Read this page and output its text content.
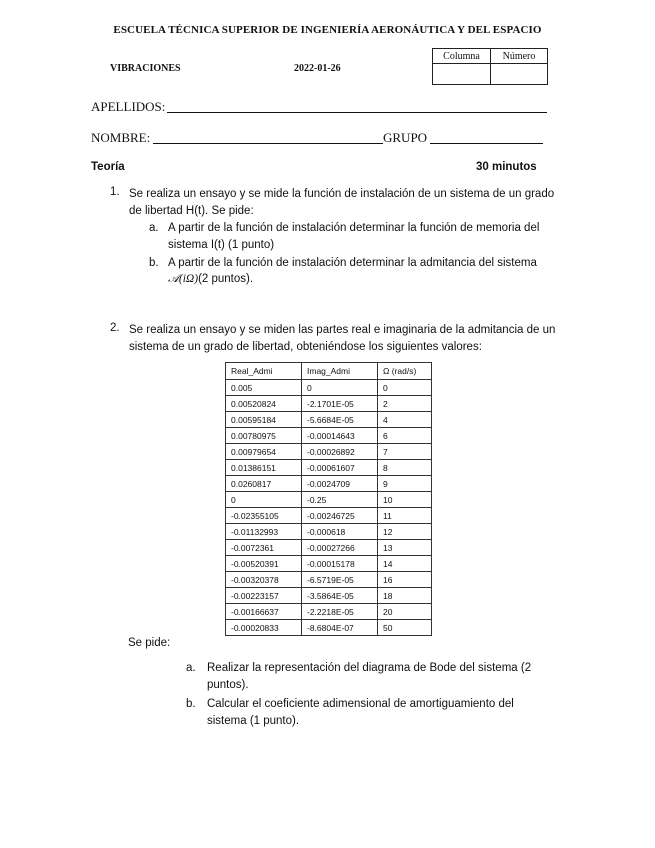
ESCUELA TÉCNICA SUPERIOR DE INGENIERÍA AERONÁUTICA Y DEL ESPACIO
VIBRACIONES	2022-01-26
Columna	Número

APELLIDOS:
NOMBRE:	GRUPO
Teoría	30 minutos
1. Se realiza un ensayo y se mide la función de instalación de un sistema de un grado
de libertad H(t). Se pide:
a. A partir de la función de instalación determinar la función de memoria del
sistema I(t) (1 punto)
b. A partir de la función de instalación determinar la admitancia del sistema
𝒜(iΩ)(2 puntos).
2. Se realiza un ensayo y se miden las partes real e imaginaria de la admitancia de un
sistema de un grado de libertad, obteniéndose los siguientes valores:
Real_Admi	Imag_Admi	Ω (rad/s)
0.005	0	0
0.00520824	-2.1701E-05	2
0.00595184	-5.6684E-05	4
0.00780975	-0.00014643	6
0.00979654	-0.00026892	7
0.01386151	-0.00061607	8
0.0260817	-0.0024709	9
0	-0.25	10
-0.02355105	-0.00246725	11
-0.01132993	-0.000618	12
-0.0072361	-0.00027266	13
-0.00520391	-0.00015178	14
-0.00320378	-6.5719E-05	16
-0.00223157	-3.5864E-05	18
-0.00166637	-2.2218E-05	20
-0.00020833	-8.6804E-07	50
Se pide:
a. Realizar la representación del diagrama de Bode del sistema (2
puntos).
b. Calcular el coeficiente adimensional de amortiguamiento del
sistema (1 punto).
